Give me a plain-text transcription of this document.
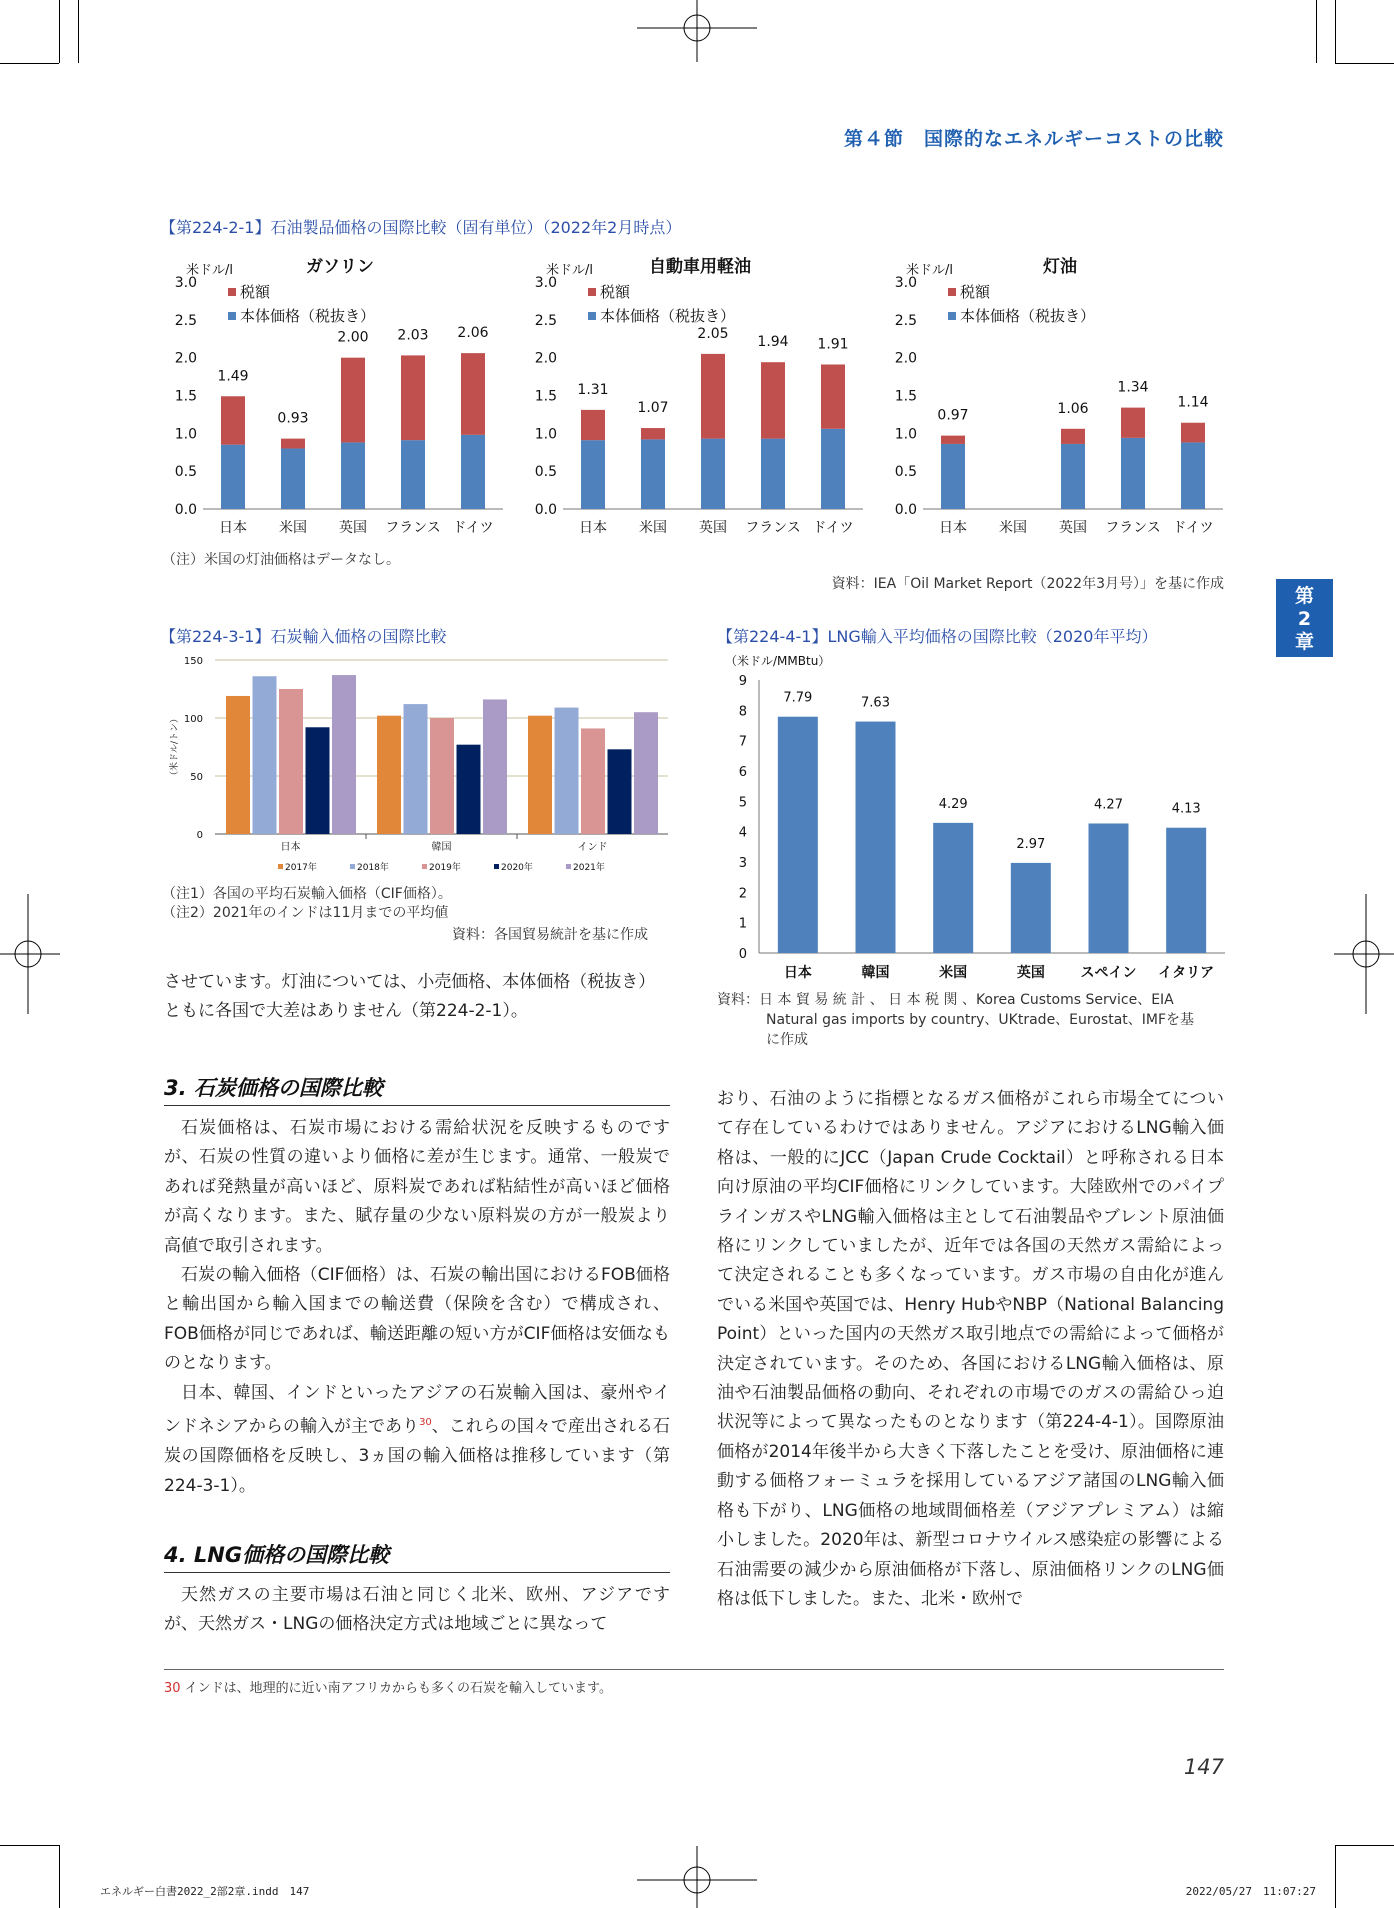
第４節　国際的なエネルギーコストの比較
第
2
章
【第224-2-1】石油製品価格の国際比較（固有単位）（2022年2月時点）
ガソリン
米ドル/l
0.0
0.5
1.0
1.5
2.0
2.5
3.0	税額
本体価格（税抜き）
1.49
日本
0.93
米国
2.00
英国
2.03
フランス
2.06
ドイツ
自動車用軽油
米ドル/l
0.0
0.5
1.0
1.5
2.0
2.5
3.0	税額
本体価格（税抜き）
1.31
日本
1.07
米国
2.05
英国
1.94
フランス
1.91
ドイツ
灯油
米ドル/l
0.0
0.5
1.0
1.5
2.0
2.5
3.0	税額
本体価格（税抜き）
0.97
日本 米国
1.06
英国
1.34
フランス
1.14
ドイツ
（注）米国の灯油価格はデータなし。
資料：IEA「Oil Market Report（2022年3月号）」を基に作成
【第224-3-1】石炭輸入価格の国際比較
0
50
100
150
（米ドル/トン）
日本	韓国	インド
2017年	2018年	2019年	2020年	2021年
（注1）各国の平均石炭輸入価格（CIF価格）。
（注2）2021年のインドは11月までの平均値
資料：各国貿易統計を基に作成
【第224-4-1】LNG輸入平均価格の国際比較（2020年平均）
（米ドル/MMBtu）
0
1
2
3
4
5
6
7
8
9
7.79
日本
7.63
韓国
4.29
米国
2.97
英国
4.27
スペイン
4.13
イタリア
資料：日 本 貿 易 統 計 、 日 本 税 関 、Korea Customs Service、EIA
Natural gas imports by country、UKtrade、Eurostat、IMFを基
に作成

させています。灯油については、小売価格、本体価格（税抜き）

ともに各国で大差はありません（第224-2-1）。

3. 石炭価格の国際比較

石炭価格は、石炭市場における需給状況を反映するものですが、石炭の性質の違いより価格に差が生じます。通常、一般炭であれば発熱量が高いほど、原料炭であれば粘結性が高いほど価格が高くなります。また、賦存量の少ない原料炭の方が一般炭より高値で取引されます。

石炭の輸入価格（CIF価格）は、石炭の輸出国におけるFOB価格と輸出国から輸入国までの輸送費（保険を含む）で構成され、FOB価格が同じであれば、輸送距離の短い方がCIF価格は安価なものとなります。

日本、韓国、インドといったアジアの石炭輸入国は、豪州やインドネシアからの輸入が主であり$^{30}$、これらの国々で産出される石炭の国際価格を反映し、3ヵ国の輸入価格は推移しています（第224-3-1）。

4. LNG価格の国際比較

天然ガスの主要市場は石油と同じく北米、欧州、アジアですが、天然ガス・LNGの価格決定方式は地域ごとに異なって

おり、石油のように指標となるガス価格がこれら市場全てについて存在しているわけではありません。アジアにおけるLNG輸入価格は、一般的にJCC（Japan Crude Cocktail）と呼称される日本向け原油の平均CIF価格にリンクしています。大陸欧州でのパイプラインガスやLNG輸入価格は主として石油製品やブレント原油価格にリンクしていましたが、近年では各国の天然ガス需給によって決定されることも多くなっています。ガス市場の自由化が進んでいる米国や英国では、Henry HubやNBP（National Balancing Point）といった国内の天然ガス取引地点での需給によって価格が決定されています。そのため、各国におけるLNG輸入価格は、原油や石油製品価格の動向、それぞれの市場でのガスの需給ひっ迫状況等によって異なったものとなります（第224-4-1）。国際原油価格が2014年後半から大きく下落したことを受け、原油価格に連動する価格フォーミュラを採用しているアジア諸国のLNG輸入価格も下がり、LNG価格の地域間価格差（アジアプレミアム）は縮小しました。2020年は、新型コロナウイルス感染症の影響による石油需要の減少から原油価格が下落し、原油価格リンクのLNG価格は低下しました。また、北米・欧州で

30 インドは、地理的に近い南アフリカからも多くの石炭を輸入しています。
147
エネルギー白書2022_2部2章.indd　147	2022/05/27　11:07:27
